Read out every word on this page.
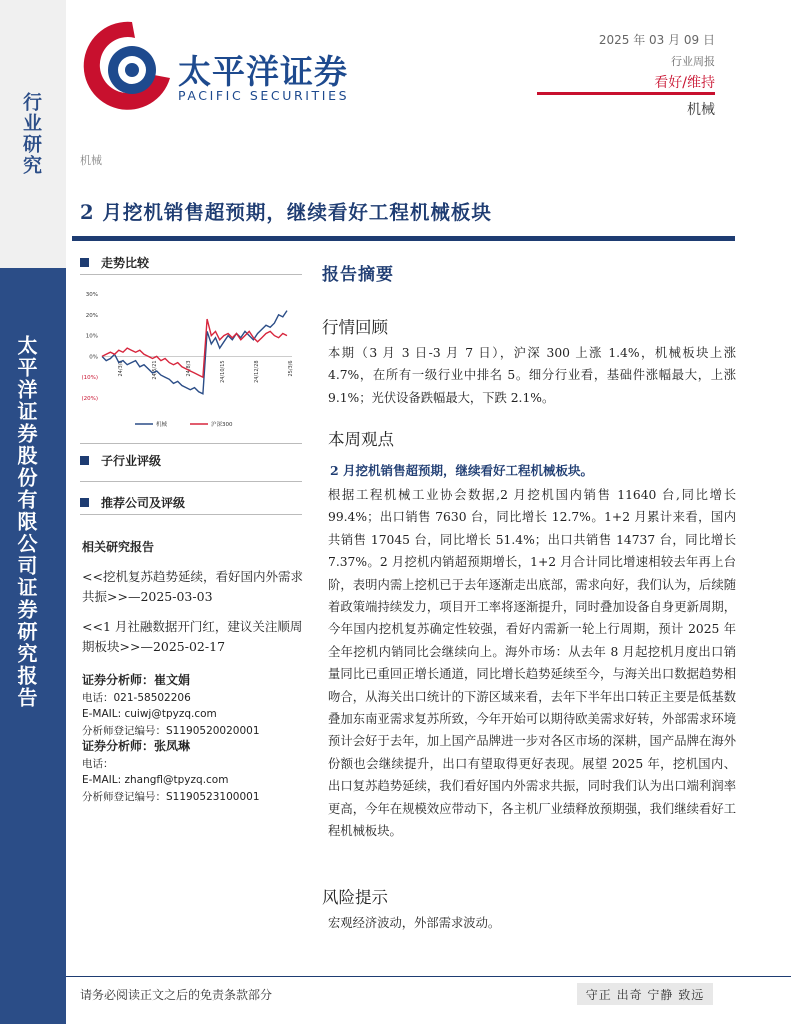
行业研究
太平洋证券股份有限公司证券研究报告
太平洋证券
PACIFIC SECURITIES
2025 年 03 月 09 日
行业周报
看好/维持
机械
机械
2 月挖机销售超预期，继续看好工程机械板块
走势比较
30%
20%
10%
0%
(10%)
(20%)
24/3/8	24/5/21	24/8/3	24/10/15	24/12/28	25/3/6
机械	沪深300
子行业评级
推荐公司及评级
相关研究报告
<<挖机复苏趋势延续，看好国内外需求共振>>—2025-03-03
<<1 月社融数据开门红，建议关注顺周期板块>>—2025-02-17
证券分析师：崔文娟
电话：021-58502206
E-MAIL: cuiwj@tpyzq.com
分析师登记编号：S1190520020001
证券分析师：张凤琳
电话：
E-MAIL: zhangfl@tpyzq.com
分析师登记编号：S1190523100001
报告摘要
行情回顾
本期（3 月 3 日-3 月 7 日），沪深 300 上涨 1.4%，机械板块上涨 4.7%，在所有一级行业中排名 5。细分行业看，基础件涨幅最大，上涨 9.1%；光伏设备跌幅最大，下跌 2.1%。
本周观点
2 月挖机销售超预期，继续看好工程机械板块。
根据工程机械工业协会数据,2 月挖机国内销售 11640 台,同比增长 99.4%；出口销售 7630 台，同比增长 12.7%。1+2 月累计来看，国内共销售 17045 台，同比增长 51.4%；出口共销售 14737 台，同比增长 7.37%。2 月挖机内销超预期增长，1+2 月合计同比增速相较去年再上台阶，表明内需上挖机已于去年逐渐走出底部，需求向好，我们认为，后续随着政策端持续发力，项目开工率将逐渐提升，同时叠加设备自身更新周期，今年国内挖机复苏确定性较强，看好内需新一轮上行周期，预计 2025 年全年挖机内销同比会继续向上。海外市场：从去年 8 月起挖机月度出口销量同比已重回正增长通道，同比增长趋势延续至今，与海关出口数据趋势相吻合，从海关出口统计的下游区域来看，去年下半年出口转正主要是低基数叠加东南亚需求复苏所致，今年开始可以期待欧美需求好转，外部需求环境预计会好于去年，加上国产品牌进一步对各区市场的深耕，国产品牌在海外份额也会继续提升，出口有望取得更好表现。展望 2025 年，挖机国内、出口复苏趋势延续，我们看好国内外需求共振，同时我们认为出口端利润率更高，今年在规模效应带动下，各主机厂业绩释放预期强，我们继续看好工程机械板块。
风险提示
宏观经济波动，外部需求波动。
请务必阅读正文之后的免责条款部分	守正 出奇 宁静 致远
